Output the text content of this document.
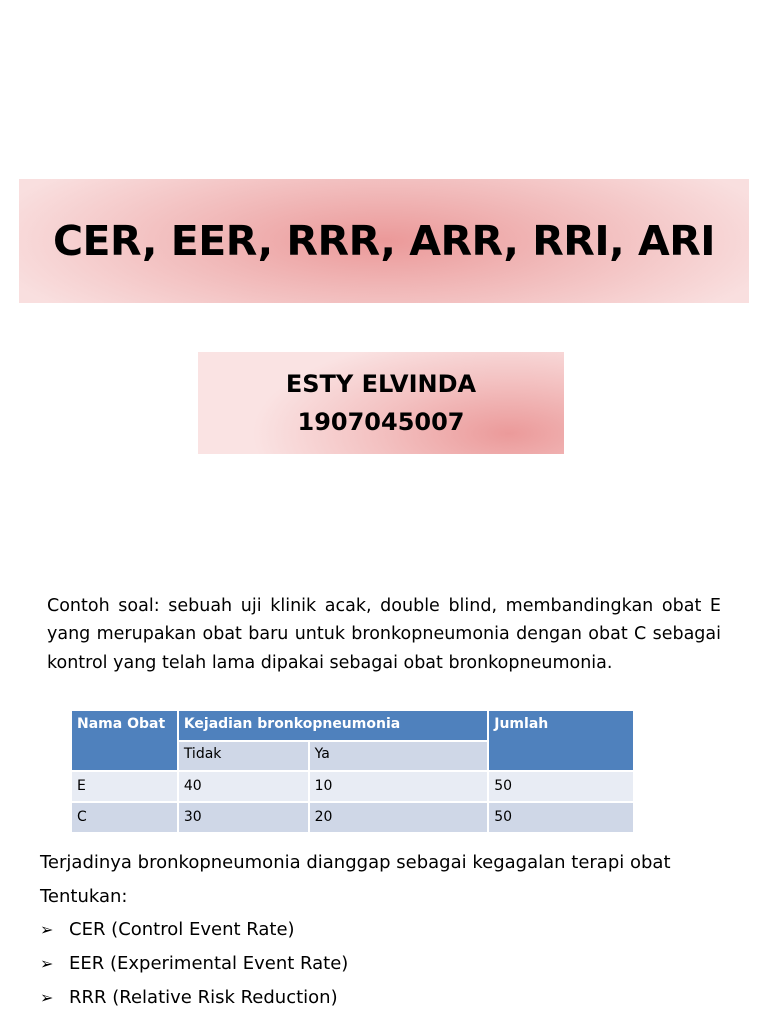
CER, EER, RRR, ARR, RRI, ARI
ESTY ELVINDA
1907045007
Contoh soal: sebuah uji klinik acak, double blind, membandingkan obat E yang merupakan obat baru untuk bronkopneumonia dengan obat C sebagai kontrol yang telah lama dipakai sebagai obat bronkopneumonia.
Nama Obat	Kejadian bronkopneumonia		Jumlah
	Tidak	Ya	
E	40	10	50
C	30	20	50
Terjadinya bronkopneumonia dianggap sebagai kegagalan terapi obat
Tentukan:
➢ CER (Control Event Rate)
➢ EER (Experimental Event Rate)
➢ RRR (Relative Risk Reduction)
